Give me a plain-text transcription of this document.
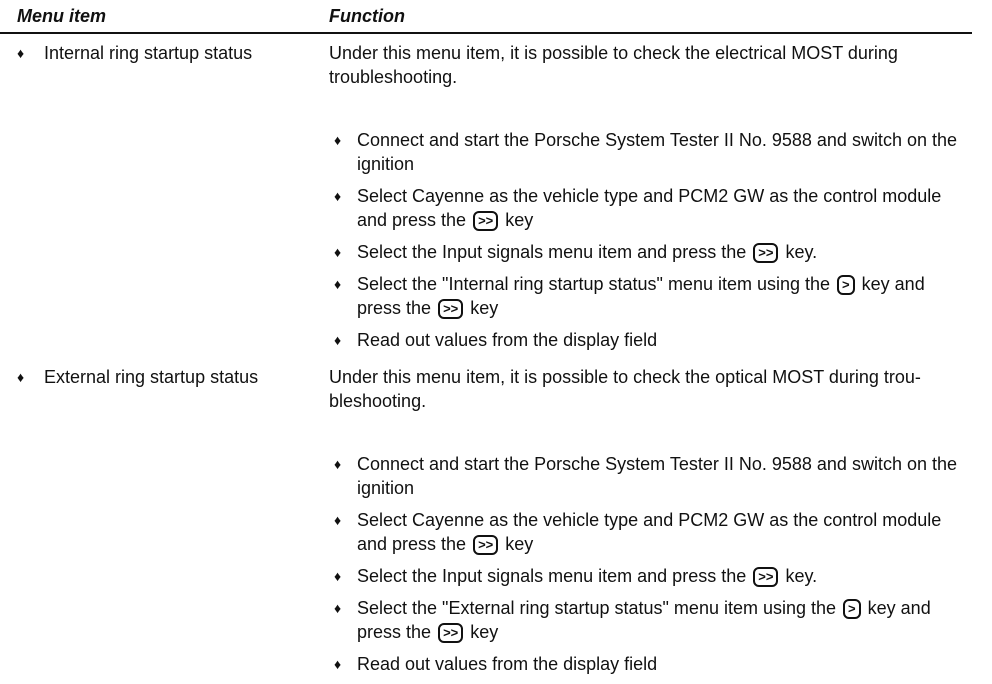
Menu item	Function
♦ Internal ring startup status	Under this menu item, it is possible to check the electrical MOST during troubleshooting.
♦ Connect and start the Porsche System Tester II No. 9588 and switch on the ignition
♦ Select Cayenne as the vehicle type and PCM2 GW as the control module and press the >> key
♦ Select the Input signals menu item and press the >> key.
♦ Select the "Internal ring startup status" menu item using the > key and press the >> key
♦ Read out values from the display field
♦ External ring startup status	Under this menu item, it is possible to check the optical MOST during trou-bleshooting.
♦ Connect and start the Porsche System Tester II No. 9588 and switch on the ignition
♦ Select Cayenne as the vehicle type and PCM2 GW as the control module and press the >> key
♦ Select the Input signals menu item and press the >> key.
♦ Select the "External ring startup status" menu item using the > key and press the >> key
♦ Read out values from the display field
